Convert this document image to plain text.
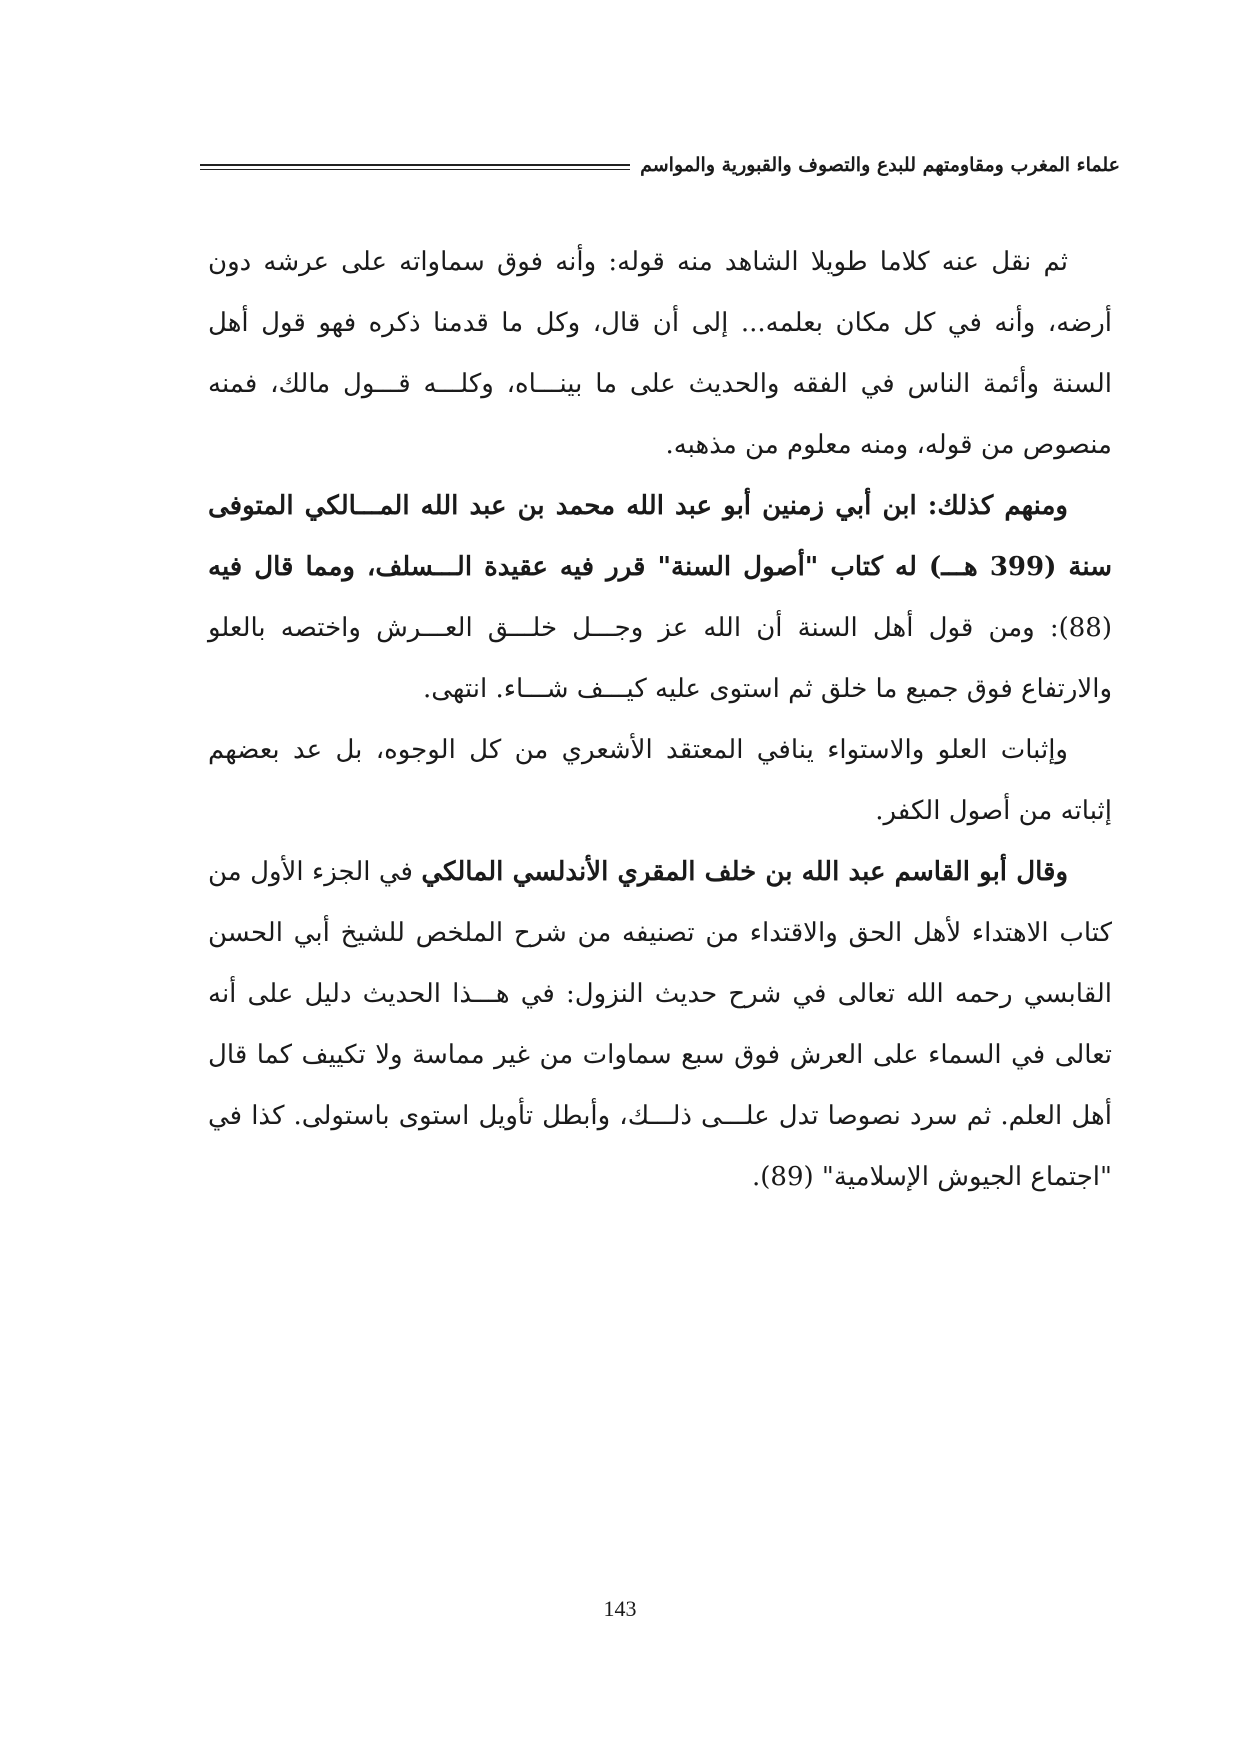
علماء المغرب ومقاومتهم للبدع والتصوف والقبورية والمواسم

ثم نقل عنه كلاما طويلا الشاهد منه قوله: وأنه فوق سماواته على عرشه دون أرضه، وأنه في كل مكان بعلمه... إلى أن قال، وكل ما قدمنا ذكره فهو قول أهل السنة وأئمة الناس في الفقه والحديث على ما بينـــاه، وكلـــه قـــول مالك، فمنه منصوص من قوله، ومنه معلوم من مذهبه.

ومنهم كذلك: ابن أبي زمنين أبو عبد الله محمد بن عبد الله المـــالكي المتوفى سنة (399 هـــ) له كتاب "أصول السنة" قرر فيه عقيدة الـــسلف، ومما قال فيه (88): ومن قول أهل السنة أن الله عز وجـــل خلـــق العـــرش واختصه بالعلو والارتفاع فوق جميع ما خلق ثم استوى عليه كيـــف شـــاء. انتهى.

وإثبات العلو والاستواء ينافي المعتقد الأشعري من كل الوجوه، بل عد بعضهم إثباته من أصول الكفر.

وقال أبو القاسم عبد الله بن خلف المقري الأندلسي المالكي في الجزء الأول من كتاب الاهتداء لأهل الحق والاقتداء من تصنيفه من شرح الملخص للشيخ أبي الحسن القابسي رحمه الله تعالى في شرح حديث النزول: في هـــذا الحديث دليل على أنه تعالى في السماء على العرش فوق سبع سماوات من غير مماسة ولا تكييف كما قال أهل العلم. ثم سرد نصوصا تدل علـــى ذلـــك، وأبطل تأويل استوى باستولى. كذا في "اجتماع الجيوش الإسلامية" (89).

143
